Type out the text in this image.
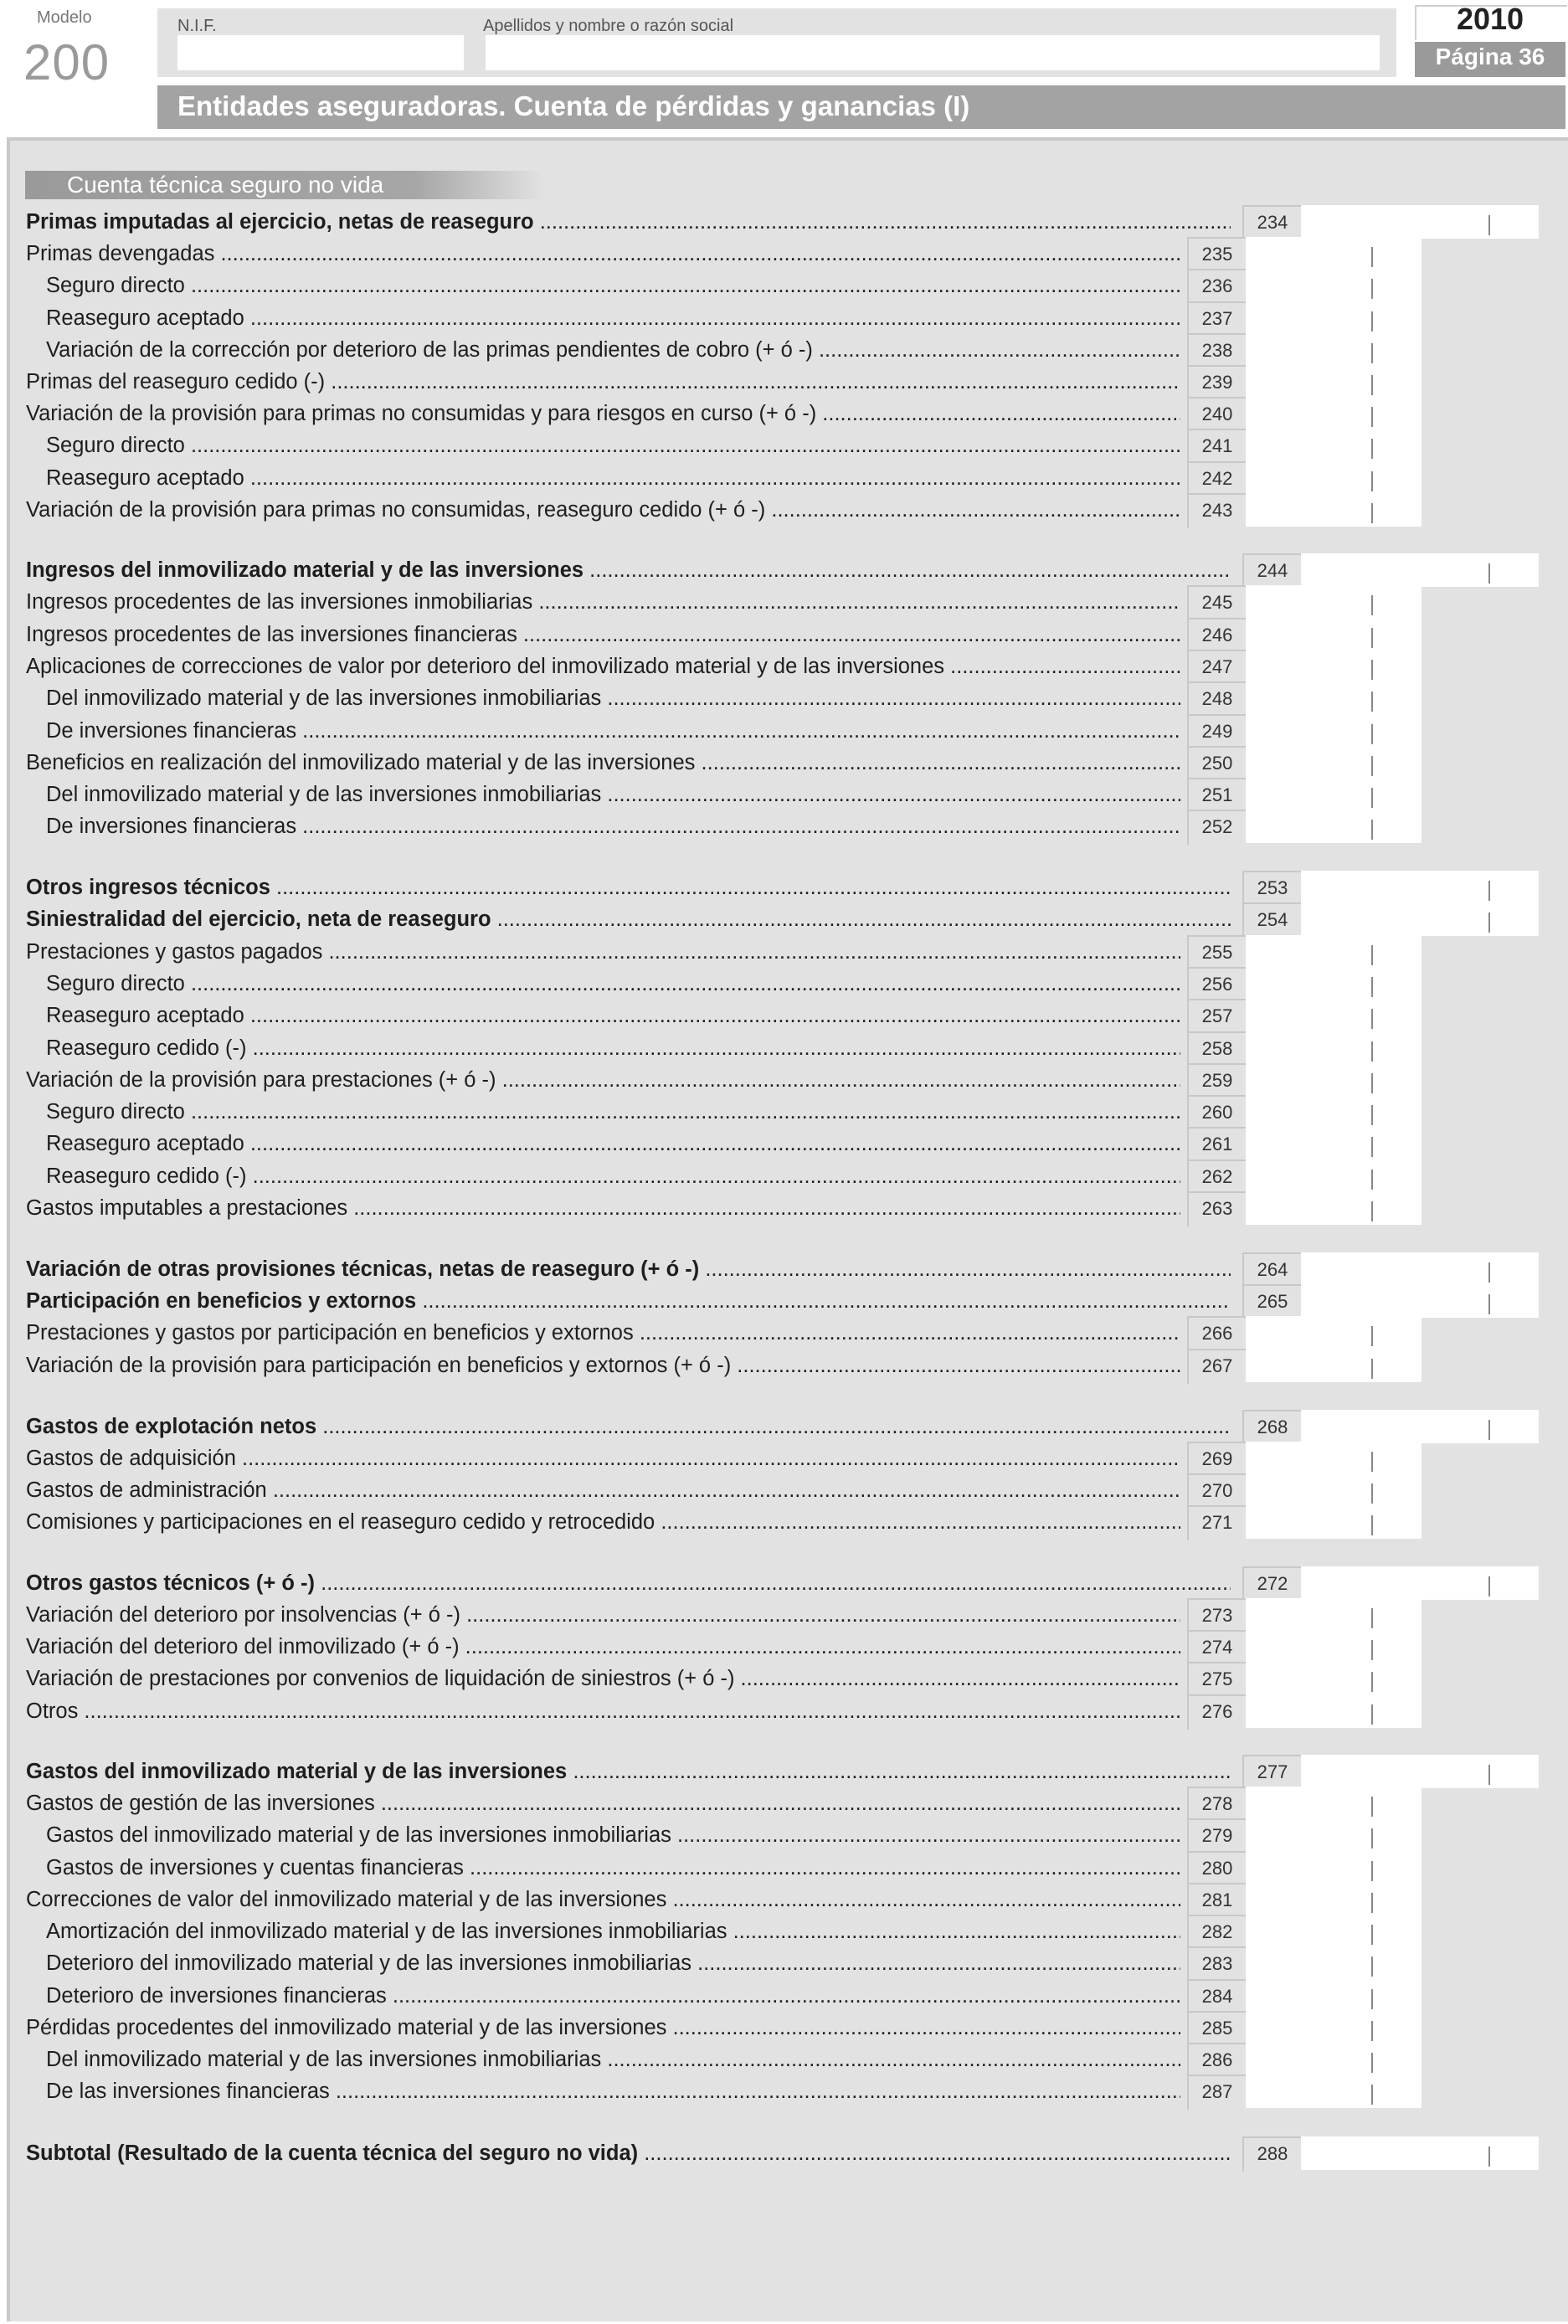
Modelo
200
N.I.F.	Apellidos y nombre o razón social	2010
Página 36
Entidades aseguradoras. Cuenta de pérdidas y ganancias (I)
Cuenta técnica seguro no vida
Primas imputadas al ejercicio, netas de reaseguro .....	234
Primas devengadas .....	235
Seguro directo .....	236
Reaseguro aceptado .....	237
Variación de la corrección por deterioro de las primas pendientes de cobro (+ ó -) .....	238
Primas del reaseguro cedido (-) .....	239
Variación de la provisión para primas no consumidas y para riesgos en curso (+ ó -) .....	240
Seguro directo .....	241
Reaseguro aceptado .....	242
Variación de la provisión para primas no consumidas, reaseguro cedido (+ ó -) .....	243
Ingresos del inmovilizado material y de las inversiones .....	244
Ingresos procedentes de las inversiones inmobiliarias .....	245
Ingresos procedentes de las inversiones financieras .....	246
Aplicaciones de correcciones de valor por deterioro del inmovilizado material y de las inversiones .....	247
Del inmovilizado material y de las inversiones inmobiliarias .....	248
De inversiones financieras .....	249
Beneficios en realización del inmovilizado material y de las inversiones .....	250
Del inmovilizado material y de las inversiones inmobiliarias .....	251
De inversiones financieras .....	252
Otros ingresos técnicos .....	253
Siniestralidad del ejercicio, neta de reaseguro .....	254
Prestaciones y gastos pagados .....	255
Seguro directo .....	256
Reaseguro aceptado .....	257
Reaseguro cedido (-) .....	258
Variación de la provisión para prestaciones (+ ó -) .....	259
Seguro directo .....	260
Reaseguro aceptado .....	261
Reaseguro cedido (-) .....	262
Gastos imputables a prestaciones .....	263
Variación de otras provisiones técnicas, netas de reaseguro (+ ó -) .....	264
Participación en beneficios y extornos .....	265
Prestaciones y gastos por participación en beneficios y extornos .....	266
Variación de la provisión para participación en beneficios y extornos (+ ó -) .....	267
Gastos de explotación netos .....	268
Gastos de adquisición .....	269
Gastos de administración .....	270
Comisiones y participaciones en el reaseguro cedido y retrocedido .....	271
Otros gastos técnicos (+ ó -) .....	272
Variación del deterioro por insolvencias (+ ó -) .....	273
Variación del deterioro del inmovilizado (+ ó -) .....	274
Variación de prestaciones por convenios de liquidación de siniestros (+ ó -) .....	275
Otros .....	276
Gastos del inmovilizado material y de las inversiones .....	277
Gastos de gestión de las inversiones .....	278
Gastos del inmovilizado material y de las inversiones inmobiliarias .....	279
Gastos de inversiones y cuentas financieras .....	280
Correcciones de valor del inmovilizado material y de las inversiones .....	281
Amortización del inmovilizado material y de las inversiones inmobiliarias .....	282
Deterioro del inmovilizado material y de las inversiones inmobiliarias .....	283
Deterioro de inversiones financieras .....	284
Pérdidas procedentes del inmovilizado material y de las inversiones .....	285
Del inmovilizado material y de las inversiones inmobiliarias .....	286
De las inversiones financieras .....	287
Subtotal (Resultado de la cuenta técnica del seguro no vida) .....	288
